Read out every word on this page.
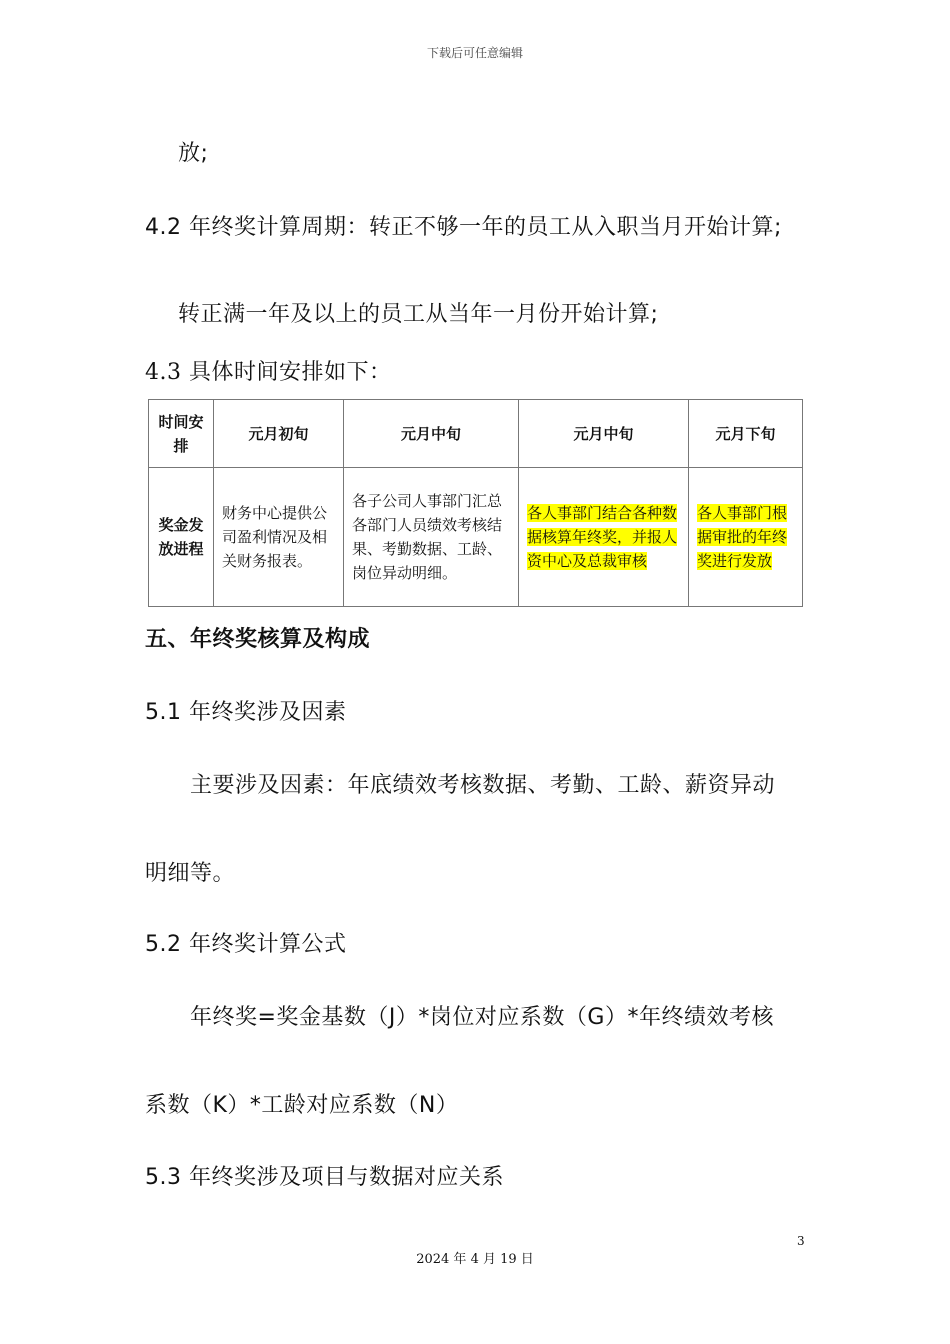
下载后可任意编辑
放;
4.2 年终奖计算周期：转正不够一年的员工从入职当月开始计算;
转正满一年及以上的员工从当年一月份开始计算;
4.3 具体时间安排如下：
时间安排	元月初旬	元月中旬	元月中旬	元月下旬
奖金发放进程	财务中心提供公司盈利情况及相关财务报表。	各子公司人事部门汇总各部门人员绩效考核结果、考勤数据、工龄、岗位异动明细。	各人事部门结合各种数据核算年终奖，并报人资中心及总裁审核	各人事部门根据审批的年终奖进行发放
五、年终奖核算及构成
5.1 年终奖涉及因素
主要涉及因素：年底绩效考核数据、考勤、工龄、薪资异动
明细等。
5.2 年终奖计算公式
年终奖=奖金基数（J）*岗位对应系数（G）*年终绩效考核
系数（K）*工龄对应系数（N）
5.3 年终奖涉及项目与数据对应关系
3
2024 年 4 月 19 日
